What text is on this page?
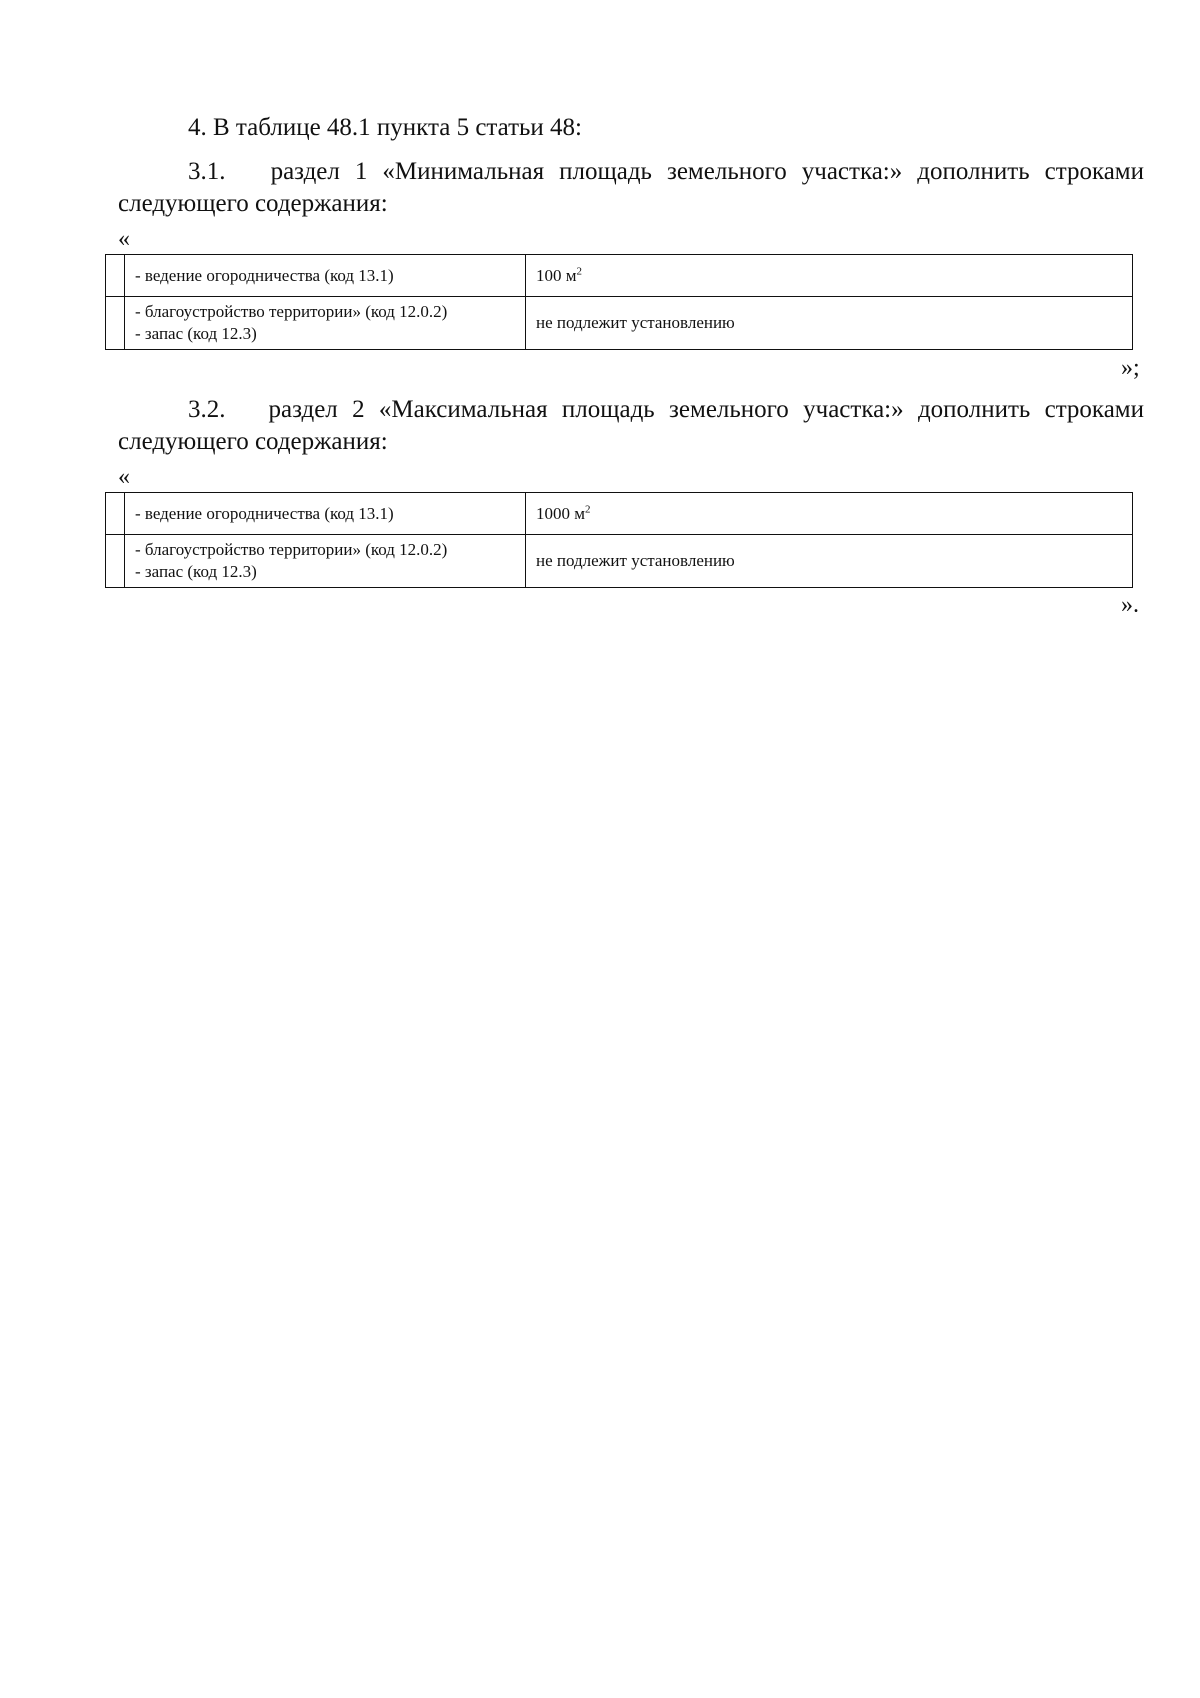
4. В таблице 48.1 пункта 5 статьи 48:
3.1. раздел 1 «Минимальная площадь земельного участка:» дополнить строками следующего содержания:
«
	- ведение огородничества (код 13.1)	100 $м^2$

	- благоустройство территории» (код 12.0.2)
- запас (код 12.3)	не подлежит установлению
»;
3.2. раздел 2 «Максимальная площадь земельного участка:» дополнить строками следующего содержания:
«
	- ведение огородничества (код 13.1)	1000 $м^2$

	- благоустройство территории» (код 12.0.2)
- запас (код 12.3)	не подлежит установлению
».
